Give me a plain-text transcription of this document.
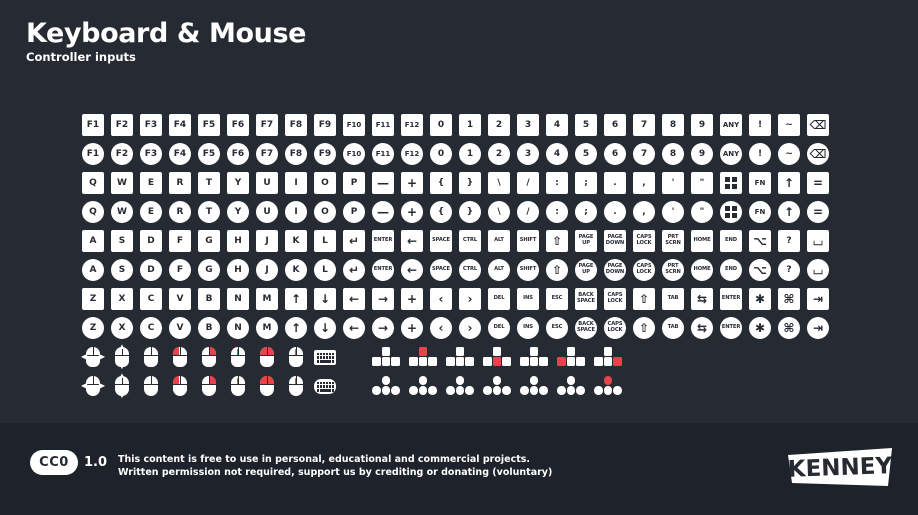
Keyboard & Mouse
Controller inputs
F1 F2 F3 F4 F5 F6 F7 F8 F9 F10 F11 F12 0	1	2	3	4	5	6	7	8	9	ANY !	~ ⌫
F1 F2 F3 F4 F5 F6 F7 F8 F9 F10 F11 F12 0	1	2	3	4	5	6	7	8	9	ANY !	~ ⌫
Q W E R T	Y U	I	O P — + {	}	\	/	:	;	.	,	'	"	FN ↑ =
Q W E R T	Y U	I	O P — + {	}	\	/	:	;	.	,	'	"	FN ↑ =
A S D F G H	J	K	L ↵	ENTER ←	SPACE CTRL	ALT	SHIFT ⇧	PAGE
UP
PAGE
DOWN
CAPS
LOCK
PRT
SCRN HOME	END ⌥ ? ⌴
A S D F G H	J	K	L ↵	ENTER ←	SPACE CTRL	ALT	SHIFT ⇧	PAGE
UP
PAGE
DOWN
CAPS
LOCK
PRT
SCRN HOME	END ⌥ ? ⌴
Z X C V B N M ↑ ↓ ← → + ‹ ›	DEL	INS	ESC	BACK
SPACE
CAPS
LOCK ⇧	TAB ⇆	ENTER ✱ ⌘ ⇥
Z X C V B N M ↑ ↓ ← → + ‹ ›	DEL	INS	ESC	BACK
SPACE
CAPS
LOCK ⇧	TAB ⇆	ENTER ✱ ⌘ ⇥
◀ ▶
▲
▼
◀ ▶
▲
▼
CC0	1.0 This content is free to use in personal, educational and commercial projects.
Written permission not required, support us by crediting or donating (voluntary)	KENNEY
